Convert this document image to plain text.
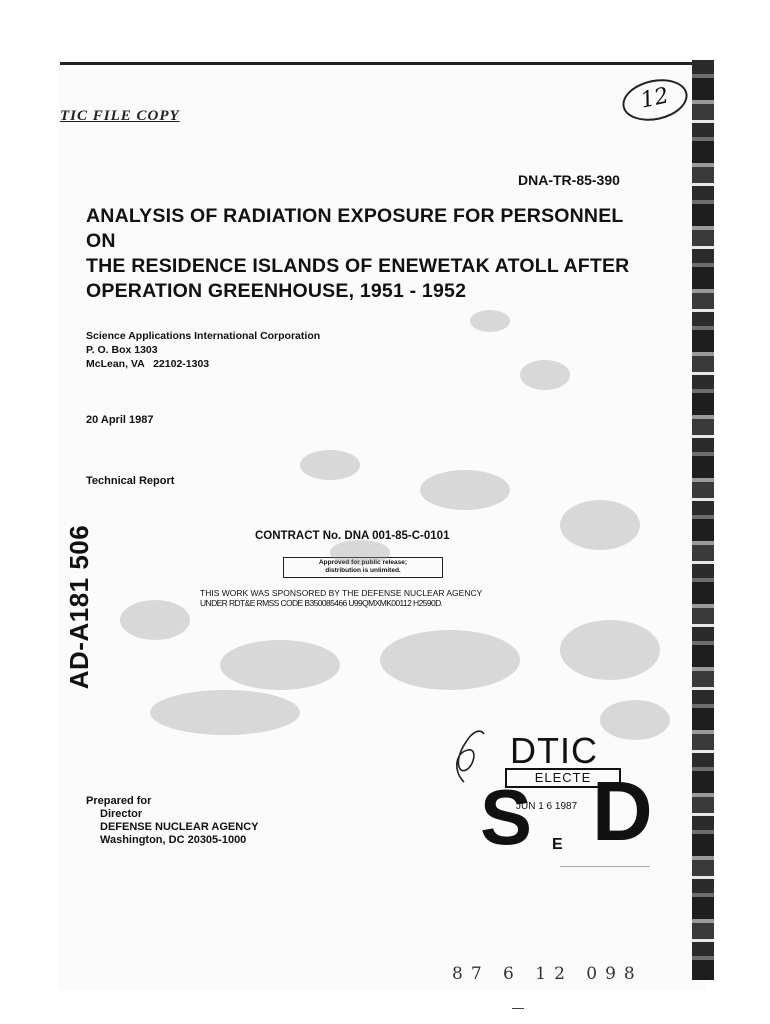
TIC FILE COPY
12
DNA-TR-85-390
ANALYSIS OF RADIATION EXPOSURE FOR PERSONNEL ON
THE RESIDENCE ISLANDS OF ENEWETAK ATOLL AFTER
OPERATION GREENHOUSE, 1951 - 1952
Science Applications International Corporation
P. O. Box 1303
McLean, VA   22102-1303
20 April 1987
Technical Report
CONTRACT No. DNA 001-85-C-0101
Approved for public release;
distribution is unlimited.
THIS WORK WAS SPONSORED BY THE DEFENSE NUCLEAR AGENCY
UNDER RDT&E RMSS CODE B350085466 U99QMXMK00112 H2590D.
AD-A181 506
Prepared for
Director
DEFENSE NUCLEAR AGENCY
Washington, DC 20305-1000
DTIC
ELECTE
S
JUN 1 6 1987 D
E
87 6 12 098
